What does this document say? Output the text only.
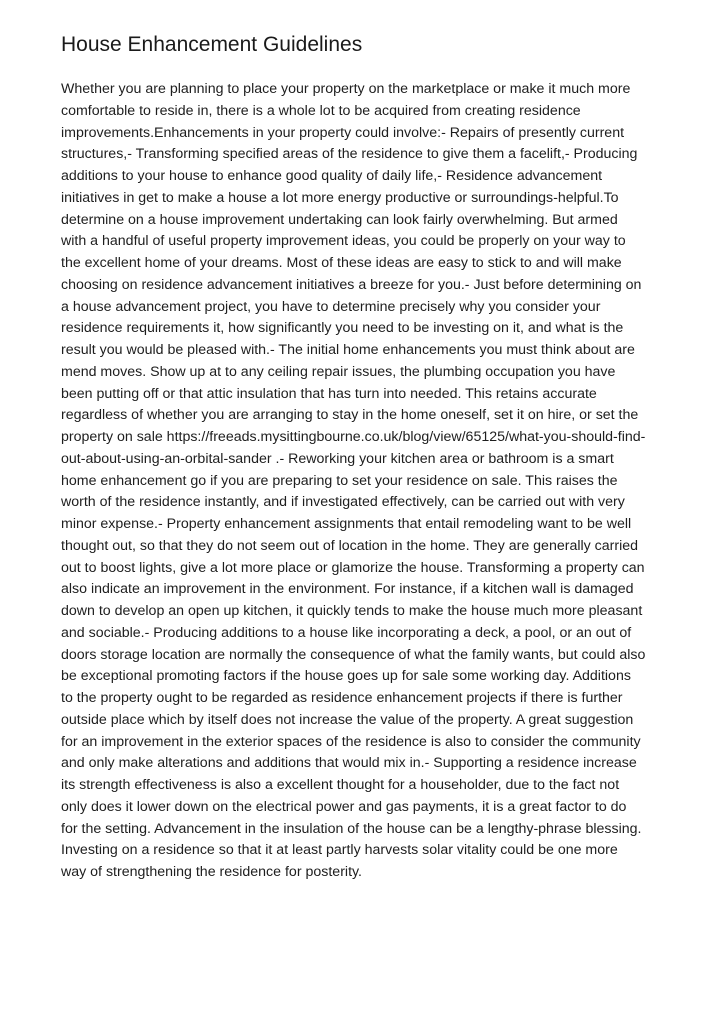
House Enhancement Guidelines
Whether you are planning to place your property on the marketplace or make it much more
comfortable to reside in, there is a whole lot to be acquired from creating residence
improvements.Enhancements in your property could involve:- Repairs of presently current
structures,- Transforming specified areas of the residence to give them a facelift,- Producing
additions to your house to enhance good quality of daily life,- Residence advancement
initiatives in get to make a house a lot more energy productive or surroundings-helpful.To
determine on a house improvement undertaking can look fairly overwhelming. But armed
with a handful of useful property improvement ideas, you could be properly on your way to
the excellent home of your dreams. Most of these ideas are easy to stick to and will make
choosing on residence advancement initiatives a breeze for you.- Just before determining on
a house advancement project, you have to determine precisely why you consider your
residence requirements it, how significantly you need to be investing on it, and what is the
result you would be pleased with.- The initial home enhancements you must think about are
mend moves. Show up at to any ceiling repair issues, the plumbing occupation you have
been putting off or that attic insulation that has turn into needed. This retains accurate
regardless of whether you are arranging to stay in the home oneself, set it on hire, or set the
property on sale https://freeads.mysittingbourne.co.uk/blog/view/65125/what-you-should-find-
out-about-using-an-orbital-sander .- Reworking your kitchen area or bathroom is a smart
home enhancement go if you are preparing to set your residence on sale. This raises the
worth of the residence instantly, and if investigated effectively, can be carried out with very
minor expense.- Property enhancement assignments that entail remodeling want to be well
thought out, so that they do not seem out of location in the home. They are generally carried
out to boost lights, give a lot more place or glamorize the house. Transforming a property can
also indicate an improvement in the environment. For instance, if a kitchen wall is damaged
down to develop an open up kitchen, it quickly tends to make the house much more pleasant
and sociable.- Producing additions to a house like incorporating a deck, a pool, or an out of
doors storage location are normally the consequence of what the family wants, but could also
be exceptional promoting factors if the house goes up for sale some working day. Additions
to the property ought to be regarded as residence enhancement projects if there is further
outside place which by itself does not increase the value of the property. A great suggestion
for an improvement in the exterior spaces of the residence is also to consider the community
and only make alterations and additions that would mix in.- Supporting a residence increase
its strength effectiveness is also a excellent thought for a householder, due to the fact not
only does it lower down on the electrical power and gas payments, it is a great factor to do
for the setting. Advancement in the insulation of the house can be a lengthy-phrase blessing.
Investing on a residence so that it at least partly harvests solar vitality could be one more
way of strengthening the residence for posterity.
